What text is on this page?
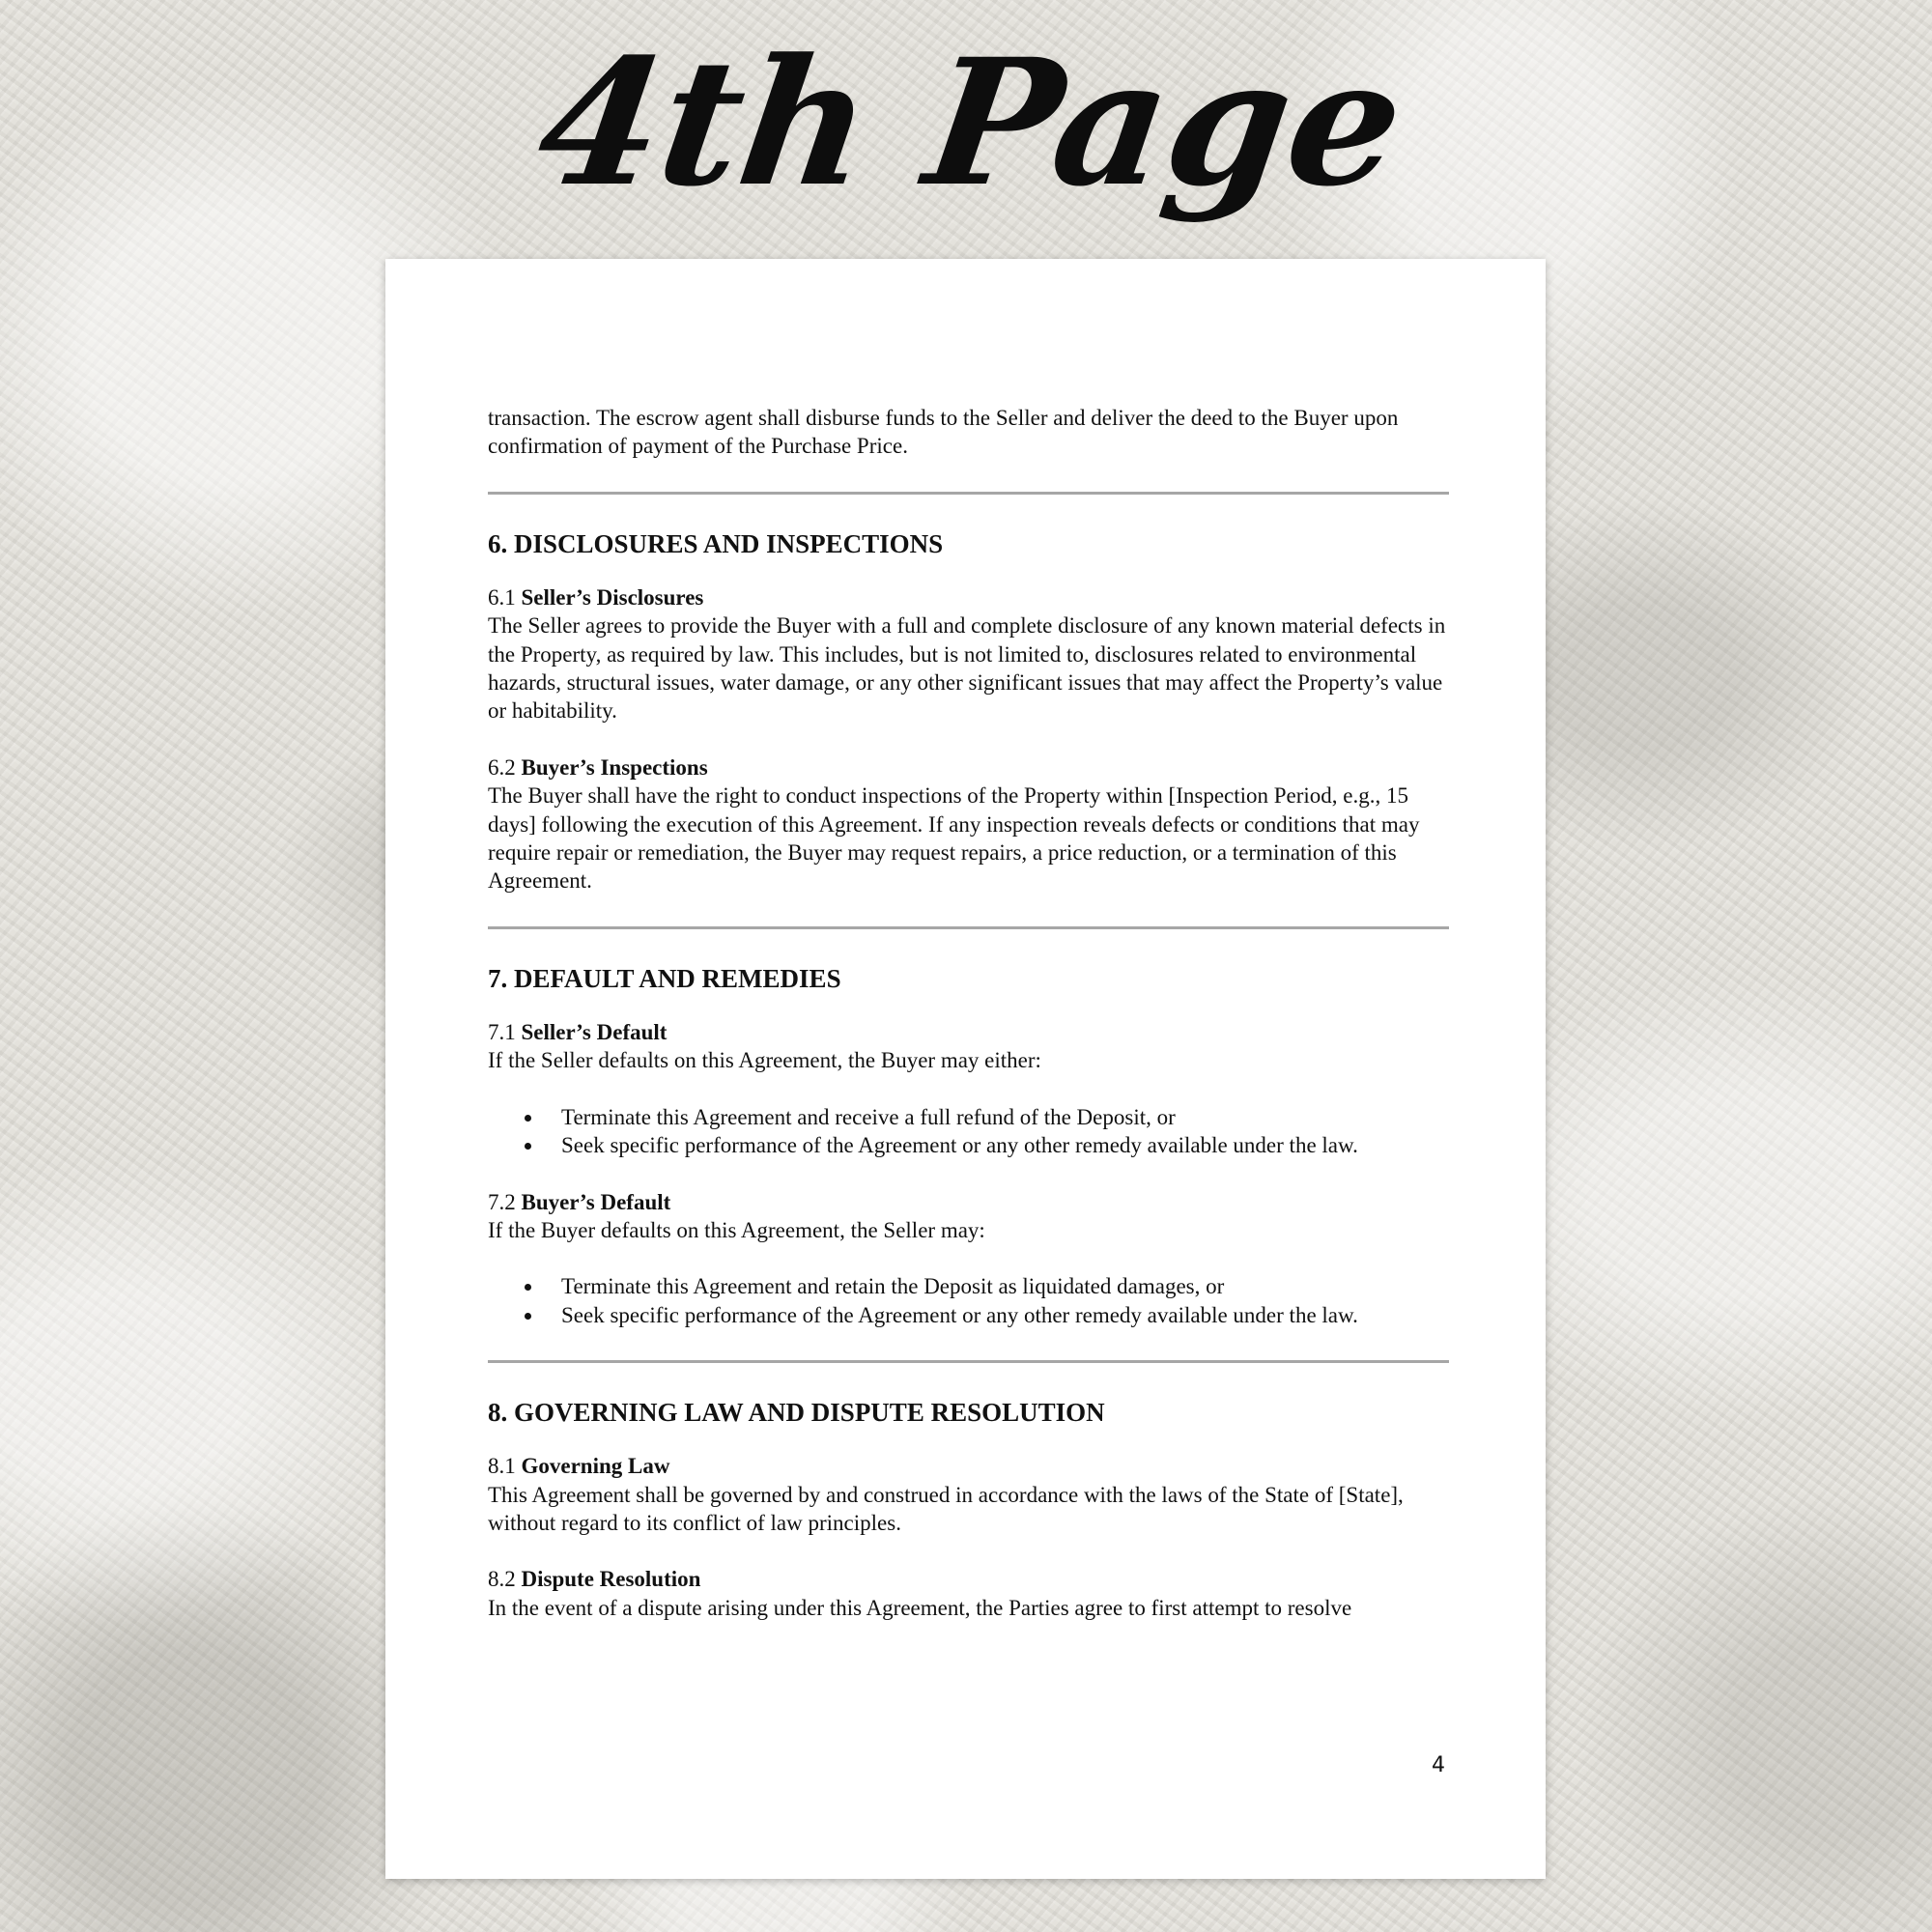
4th Page

transaction. The escrow agent shall disburse funds to the Seller and deliver the deed to the Buyer upon confirmation of payment of the Purchase Price.

6. DISCLOSURES AND INSPECTIONS

6.1 Seller’s Disclosures

The Seller agrees to provide the Buyer with a full and complete disclosure of any known material defects in the Property, as required by law. This includes, but is not limited to, disclosures related to environmental hazards, structural issues, water damage, or any other significant issues that may affect the Property’s value or habitability.

6.2 Buyer’s Inspections

The Buyer shall have the right to conduct inspections of the Property within [Inspection Period, e.g., 15 days] following the execution of this Agreement. If any inspection reveals defects or conditions that may require repair or remediation, the Buyer may request repairs, a price reduction, or a termination of this Agreement.

7. DEFAULT AND REMEDIES

7.1 Seller’s Default

If the Seller defaults on this Agreement, the Buyer may either:

Terminate this Agreement and receive a full refund of the Deposit, or
Seek specific performance of the Agreement or any other remedy available under the law.

7.2 Buyer’s Default

If the Buyer defaults on this Agreement, the Seller may:

Terminate this Agreement and retain the Deposit as liquidated damages, or
Seek specific performance of the Agreement or any other remedy available under the law.
8. GOVERNING LAW AND DISPUTE RESOLUTION

8.1 Governing Law

This Agreement shall be governed by and construed in accordance with the laws of the State of [State], without regard to its conflict of law principles.

8.2 Dispute Resolution

In the event of a dispute arising under this Agreement, the Parties agree to first attempt to resolve

4
